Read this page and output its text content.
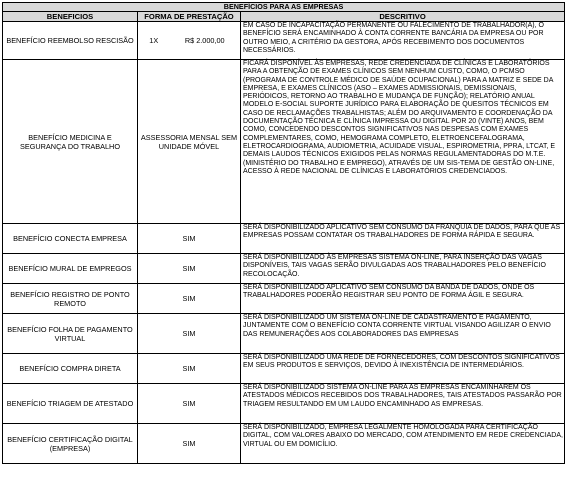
BENEFÍCIOS PARA AS EMPRESAS			
BENEFICIOS	FORMA DE PRESTAÇÃO		DESCRITIVO
BENEFÍCIO REEMBOLSO RESCISÃO	1X	R$ 2.000,00	EM CASO DE INCAPACITAÇÃO PERMANENTE OU FALECIMENTO DE TRABALHADOR(A), O BENEFÍCIO SERÁ ENCAMINHADO À CONTA CORRENTE BANCÁRIA DA EMPRESA OU POR OUTRO MEIO, A CRITÉRIO DA GESTORA, APÓS RECEBIMENTO DOS DOCUMENTOS NECESSÁRIOS.
BENEFÍCIO MEDICINA E SEGURANÇA DO TRABALHO	ASSESSORIA MENSAL SEM UNIDADE MÓVEL		FICARÁ DISPONÍVEL ÀS EMPRESAS, REDE CREDENCIADA DE CLÍNICAS E LABORATÓRIOS PARA A OBTENÇÃO DE EXAMES CLÍNICOS SEM NENHUM CUSTO, COMO, O PCMSO (PROGRAMA DE CONTROLE MÉDICO DE SAÚDE OCUPACIONAL) PARA A MATRIZ E SEDE DA EMPRESA, E EXAMES CLÍNICOS (ASO – EXAMES ADMISSIONAIS, DEMISSIONAIS, PERIÓDICOS, RETORNO AO TRABALHO E MUDANÇA DE FUNÇÃO); RELATÓRIO ANUAL MODELO E-SOCIAL SUPORTE JURÍDICO PARA ELABORAÇÃO DE QUESITOS TÉCNICOS EM CASO DE RECLAMAÇÕES TRABALHISTAS; ALÉM DO ARQUIVAMENTO E COORDENAÇÃO DA DOCUMENTAÇÃO TÉCNICA E CLÍNICA IMPRESSA OU DIGITAL POR 20 (VINTE) ANOS, BEM COMO, CONCEDENDO DESCONTOS SIGNIFICATIVOS NAS DESPESAS COM EXAMES COMPLEMENTARES, COMO, HEMOGRAMA COMPLETO, ELETROENCEFALOGRAMA, ELETROCARDIOGRAMA, AUDIOMETRIA, ACUIDADE VISUAL, ESPIROMETRIA, PPRA, LTCAT, E DEMAIS LAUDOS TÉCNICOS EXIGIDOS PELAS NORMAS REGULAMENTADORAS DO M.T.E. (MINISTÉRIO DO TRABALHO E EMPREGO), ATRAVÉS DE UM SIS-TEMA DE GESTÃO ON-LINE, ACESSO À REDE NACIONAL DE CLÍNICAS E LABORATÓRIOS CREDENCIADOS.
BENEFÍCIO CONECTA EMPRESA	SIM		SERÁ DISPONIBILIZADO APLICATIVO SEM CONSUMO DA FRANQUIA DE DADOS, PARA QUE AS EMPRESAS POSSAM CONTATAR OS TRABALHADORES DE FORMA RÁPIDA E SEGURA.
BENEFÍCIO MURAL DE EMPREGOS	SIM		SERÁ DISPONIBILIZADO ÀS EMPRESAS SISTEMA ON-LINE, PARA INSERÇÃO DAS VAGAS DISPONÍVEIS, TAIS VAGAS SERÃO DIVULGADAS AOS TRABALHADORES PELO BENEFÍCIO RECOLOCAÇÃO.
BENEFÍCIO REGISTRO DE PONTO REMOTO	SIM		SERÁ DISPONIBILIZADO APLICATIVO SEM CONSUMO DA BANDA DE DADOS, ONDE OS TRABALHADORES PODERÃO REGISTRAR SEU PONTO DE FORMA ÁGIL E SEGURA.
BENEFÍCIO FOLHA DE PAGAMENTO VIRTUAL	SIM		SERÁ DISPONIBILIZADO UM SISTEMA ON-LINE DE CADASTRAMENTO E PAGAMENTO, JUNTAMENTE COM O BENEFÍCIO CONTA CORRENTE VIRTUAL VISANDO AGILIZAR O ENVIO DAS REMUNERAÇÕES AOS COLABORADORES DAS EMPRESAS
BENEFÍCIO COMPRA DIRETA	SIM		SERÁ DISPONIBILIZADO UMA REDE DE FORNECEDORES, COM DESCONTOS SIGNIFICATIVOS EM SEUS PRODUTOS E SERVIÇOS, DEVIDO À INEXISTÊNCIA DE INTERMEDIÁRIOS.
BENEFÍCIO TRIAGEM DE ATESTADO	SIM		SERÁ DISPONIBILIZADO SISTEMA ON-LINE PARA AS EMPRESAS ENCAMINHAREM OS ATESTADOS MÉDICOS RECEBIDOS DOS TRABALHADORES, TAIS ATESTADOS PASSARÃO POR TRIAGEM RESULTANDO EM UM LAUDO ENCAMINHADO AS EMPRESAS.
BENEFÍCIO CERTIFICAÇÃO DIGITAL (EMPRESA)	SIM		SERÁ DISPONIBILIZADO, EMPRESA LEGALMENTE HOMOLOGADA PARA CERTIFICAÇÃO DIGITAL, COM VALORES ABAIXO DO MERCADO, COM ATENDIMENTO EM REDE CREDENCIADA, VIRTUAL OU EM DOMICÍLIO.
